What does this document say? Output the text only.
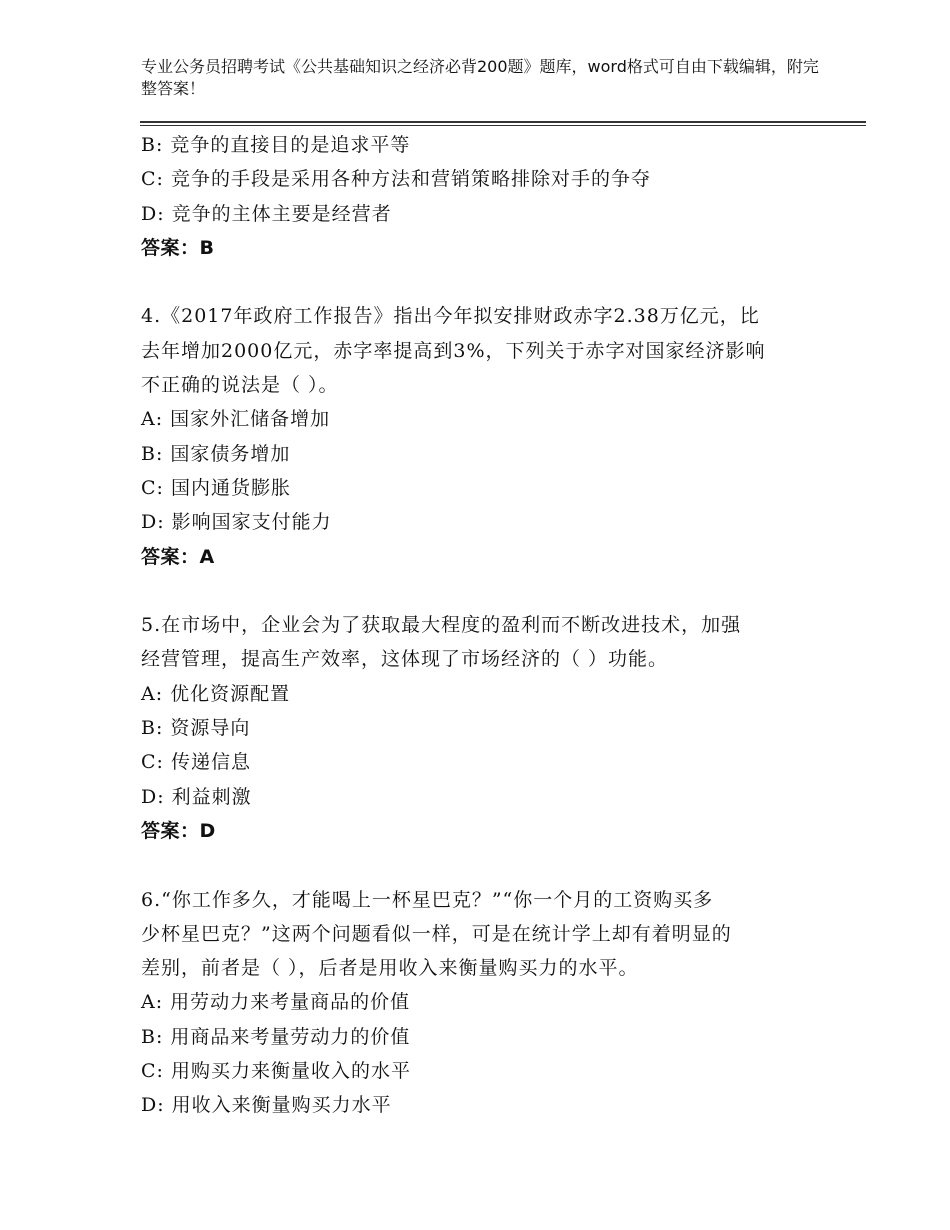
专业公务员招聘考试《公共基础知识之经济必背200题》题库，word格式可自由下载编辑，附完整答案！

B: 竞争的直接目的是追求平等

C: 竞争的手段是采用各种方法和营销策略排除对手的争夺

D: 竞争的主体主要是经营者

答案：B

4.《2017年政府工作报告》指出今年拟安排财政赤字2.38万亿元，比

去年增加2000亿元，赤字率提高到3%，下列关于赤字对国家经济影响

不正确的说法是（ ）。

A: 国家外汇储备增加

B: 国家债务增加

C: 国内通货膨胀

D: 影响国家支付能力

答案：A

5.在市场中，企业会为了获取最大程度的盈利而不断改进技术，加强

经营管理，提高生产效率，这体现了市场经济的（ ）功能。

A: 优化资源配置

B: 资源导向

C: 传递信息

D: 利益刺激

答案：D

6.“你工作多久，才能喝上一杯星巴克？”“你一个月的工资购买多

少杯星巴克？”这两个问题看似一样，可是在统计学上却有着明显的

差别，前者是（ ），后者是用收入来衡量购买力的水平。

A: 用劳动力来考量商品的价值

B: 用商品来考量劳动力的价值

C: 用购买力来衡量收入的水平

D: 用收入来衡量购买力水平
